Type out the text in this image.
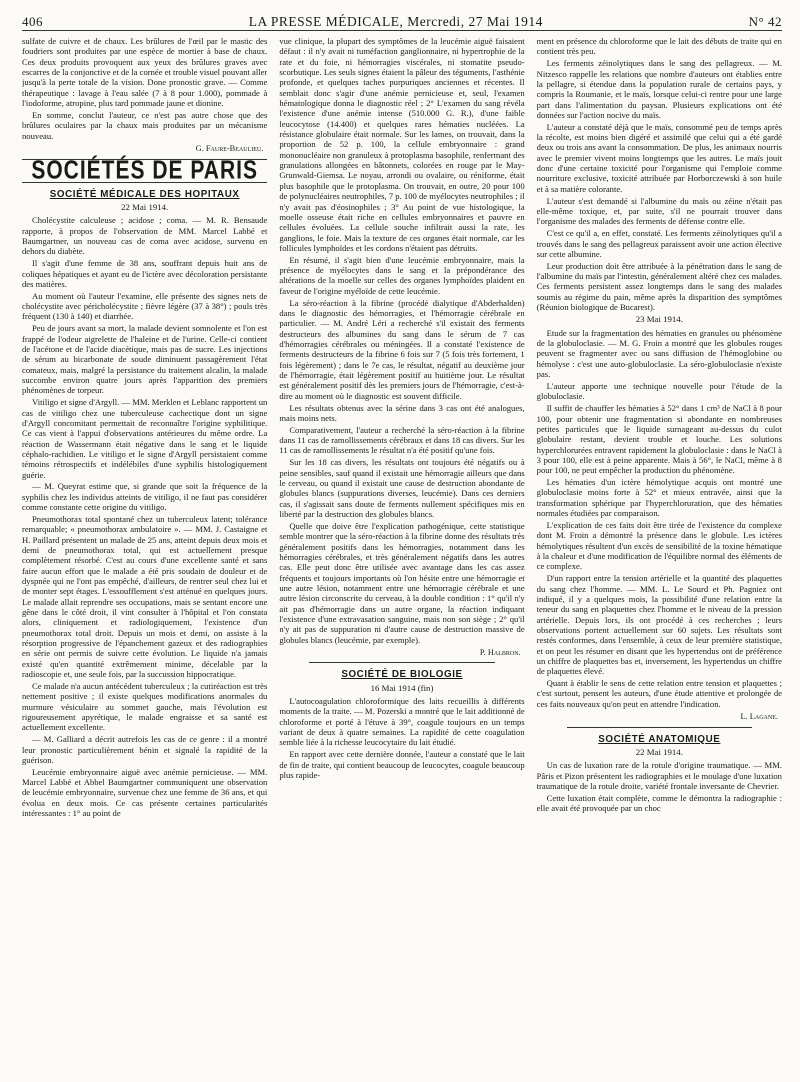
406	LA PRESSE MÉDICALE, Mercredi, 27 Mai 1914	N° 42

sulfate de cuivre et de chaux. Les brûlures de l'œil par le mastic des foudriers sont produites par une espèce de mortier à base de chaux. Ces deux produits provoquent aux yeux des brûlures graves avec escarres de la conjonctive et de la cornée et trouble visuel pouvant aller jusqu'à la perte totale de la vision. Done pronostic grave. — Comme thérapeutique : lavage à l'eau salée (7 à 8 pour 1.000), pommade à l'iodoforme, atropine, plus tard pommade jaune et dionine.

En somme, conclut l'auteur, ce n'est pas autre chose que des brûlures oculaires par la chaux mais produites par un mécanisme nouveau.

G. Faure-Beaulieu.
SOCIÉTÉS DE PARIS
SOCIÉTÉ MÉDICALE DES HOPITAUX
22 Mai 1914.

Cholécystite calculeuse ; acidose ; coma. — M. R. Bensaude rapporte, à propos de l'observation de MM. Marcel Labbé et Baumgartner, un nouveau cas de coma avec acidose, survenu en dehors du diabète.

Il s'agit d'une femme de 38 ans, souffrant depuis huit ans de coliques hépatiques et ayant eu de l'ictère avec décoloration persistante des matières.

Au moment où l'auteur l'examine, elle présente des signes nets de cholécystite avec péricholécystite ; fièvre légère (37 à 38°) ; pouls très fréquent (130 à 140) et diarrhée.

Peu de jours avant sa mort, la malade devient somnolente et l'on est frappé de l'odeur aigrelette de l'haleine et de l'urine. Celle-ci contient de l'acétone et de l'acide diacétique, mais pas de sucre. Les injections de sérum au bicarbonate de soude diminuent passagèrement l'état comateux, mais, malgré la persistance du traitement alcalin, la malade succombe environ quatre jours après l'apparition des premiers phénomènes de torpeur.

Vitiligo et signe d'Argyll. — MM. Merklen et Leblanc rapportent un cas de vitiligo chez une tuberculeuse cachectique dont un signe d'Argyll concomitant permettait de reconnaître l'origine syphilitique. Ce cas vient à l'appui d'observations antérieures du même ordre. La réaction de Wassermann était négative dans le sang et le liquide céphalo-rachidien. Le vitiligo et le signe d'Argyll persistaient comme témoins rétrospectifs et indélébiles d'une syphilis histologiquement guérie.

— M. Queyrat estime que, si grande que soit la fréquence de la syphilis chez les individus atteints de vitiligo, il ne faut pas considérer comme constante cette origine du vitiligo.

Pneumothorax total spontané chez un tuberculeux latent; tolérance remarquable; « pneumothorax ambulatoire ». — MM. J. Castaigne et H. Paillard présentent un malade de 25 ans, atteint depuis deux mois et demi de pneumothorax total, qui est actuellement presque complètement résorbé. C'est au cours d'une excellente santé et sans faire aucun effort que le malade a été pris soudain de douleur et de dyspnée qui ne l'ont pas empêché, d'ailleurs, de rentrer seul chez lui et de monter sept étages. L'essoufflement s'est atténué en quelques jours. Le malade allait reprendre ses occupations, mais se sentant encore une gêne dans le côté droit, il vint consulter à l'hôpital et l'on constata alors, cliniquement et radiologiquement, l'existence d'un pneumothorax total droit. Depuis un mois et demi, on assiste à la résorption progressive de l'épanchement gazeux et des radiographies en série ont permis de suivre cette évolution. Le liquide n'a jamais existé qu'en quantité extrêmement minime, décelable par la radioscopie et, une seule fois, par la succussion hippocratique.

Ce malade n'a aucun antécédent tuberculeux ; la cutiréaction est très nettement positive ; il existe quelques modifications anormales du murmure vésiculaire au sommet gauche, mais l'évolution est rigoureusement apyrétique, le malade engraisse et sa santé est actuellement excellente.

— M. Galliard a décrit autrefois les cas de ce genre : il a montré leur pronostic particulièrement bénin et signalé la rapidité de la guérison.

Leucémie embryonnaire aiguë avec anémie pernicieuse. — MM. Marcel Labbé et Abbel Baumgartner communiquent une observation de leucémie embryonnaire, survenue chez une femme de 36 ans, et qui évolua en deux mois. Ce cas présente certaines particularités intéressantes : 1° au point de

vue clinique, la plupart des symptômes de la leucémie aiguë faisaient défaut : il n'y avait ni tuméfaction ganglionnaire, ni hypertrophie de la rate et du foie, ni hémorragies viscérales, ni stomatite pseudo-scorbutique. Les seuls signes étaient la pâleur des téguments, l'asthénie profonde, et quelques taches purpuriques anciennes et récentes. Il semblait donc s'agir d'une anémie pernicieuse et, seul, l'examen hématologique donna le diagnostic réel ; 2° L'examen du sang révéla l'existence d'une anémie intense (510.000 G. R.), d'une faible leucocytose (14.400) et quelques rares hématies nucléées. La résistance globulaire était normale. Sur les lames, on trouvait, dans la proportion de 52 p. 100, la cellule embryonnaire : grand mononucléaire non granuleux à protoplasma basophile, renfermant des granulations allongées en bâtonnets, colorées en rouge par le May-Grunwald-Giemsa. Le noyau, arrondi ou ovalaire, ou réniforme, était plus basophile que le protoplasma. On trouvait, en outre, 20 pour 100 de polynucléaires neutrophiles, 7 p. 100 de myélocytes neutrophiles ; il n'y avait pas d'éosinophiles ; 3° Au point de vue histologique, la moelle osseuse était riche en cellules embryonnaires et pauvre en cellules évoluées. La cellule souche infiltrait aussi la rate, les ganglions, le foie. Mais la texture de ces organes était normale, car les follicules lymphoïdes et les cordons n'étaient pas détruits.

En résumé, il s'agit bien d'une leucémie embryonnaire, mais la présence de myélocytes dans le sang et la prépondérance des altérations de la moelle sur celles des organes lymphoïdes plaident en faveur de l'origine myéloïde de cette leucémie.

La séro-réaction à la fibrine (procédé dialytique d'Abderhalden) dans le diagnostic des hémorragies, et l'hémorragie cérébrale en particulier. — M. André Léri a recherché s'il existait des ferments destructeurs des albumines du sang dans le sérum de 7 cas d'hémorragies cérébrales ou méningées. Il a constaté l'existence de ferments destructeurs de la fibrine 6 fois sur 7 (5 fois très fortement, 1 fois légèrement) ; dans le 7e cas, le résultat, négatif au deuxième jour de l'hémorragie, était légèrement positif au huitième jour. Le résultat est généralement positif dès les premiers jours de l'hémorragie, c'est-à-dire au moment où le diagnostic est souvent difficile.

Les résultats obtenus avec la sérine dans 3 cas ont été analogues, mais moins nets.

Comparativement, l'auteur a recherché la séro-réaction à la fibrine dans 11 cas de ramollissements cérébraux et dans 18 cas divers. Sur les 11 cas de ramollissements le résultat n'a été positif qu'une fois.

Sur les 18 cas divers, les résultats ont toujours été négatifs ou à peine sensibles, sauf quand il existait une hémorragie ailleurs que dans le cerveau, ou quand il existait une cause de destruction abondante de globules blancs (suppurations diverses, leucémie). Dans ces derniers cas, il s'agissait sans doute de ferments nullement spécifiques mis en liberté par la destruction des globules blancs.

Quelle que doive être l'explication pathogénique, cette statistique semble montrer que la séro-réaction à la fibrine donne des résultats très généralement positifs dans les hémorragies, notamment dans les hémorragies cérébrales, et très généralement négatifs dans les autres cas. Elle peut donc être utilisée avec avantage dans les cas assez fréquents et toujours importants où l'on hésite entre une hémorragie et une autre lésion, notamment entre une hémorragie cérébrale et une autre lésion circonscrite du cerveau, à la double condition : 1° qu'il n'y ait pas d'hémorragie dans un autre organe, la réaction indiquant l'existence d'une extravasation sanguine, mais non son siège ; 2° qu'il n'y ait pas de suppuration ni d'autre cause de destruction massive de globules blancs (leucémie, par exemple).

P. Halbron.
SOCIÉTÉ DE BIOLOGIE
16 Mai 1914 (fin)

L'autocoagulation chloroformique des laits recueillis à différents moments de la traite. — M. Pozerski a montré que le lait additionné de chloroforme et porté à l'étuve à 39°, coagule toujours en un temps variant de deux à quatre semaines. La rapidité de cette coagulation semble liée à la richesse leucocytaire du lait étudié.

En rapport avec cette dernière donnée, l'auteur a constaté que le lait de fin de traite, qui contient beaucoup de leucocytes, coagule beaucoup plus rapide-

ment en présence du chloroforme que le lait des débuts de traite qui en contient très peu.

Les ferments zéinolytiques dans le sang des pellagreux. — M. Nitzesco rappelle les relations que nombre d'auteurs ont établies entre la pellagre, si étendue dans la population rurale de certains pays, y compris la Roumanie, et le maïs, lorsque celui-ci rentre pour une large part dans l'alimentation du paysan. Plusieurs explications ont été données sur l'action nocive du maïs.

L'auteur a constaté déjà que le maïs, consommé peu de temps après la récolte, est moins bien digéré et assimilé que celui qui a été gardé deux ou trois ans avant la consommation. De plus, les animaux nourris avec le premier vivent moins longtemps que les autres. Le maïs jouit donc d'une certaine toxicité pour l'organisme qui l'emploie comme nourriture exclusive, toxicité attribuée par Horborczewski à son huile et à sa matière colorante.

L'auteur s'est demandé si l'albumine du maïs ou zéine n'était pas elle-même toxique, et, par suite, s'il ne pourrait trouver dans l'organisme des malades des ferments de défense contre elle.

C'est ce qu'il a, en effet, constaté. Les ferments zéinolytiques qu'il a trouvés dans le sang des pellagreux paraissent avoir une action élective sur cette albumine.

Leur production doit être attribuée à la pénétration dans le sang de l'albumine du maïs par l'intestin, généralement altéré chez ces malades. Ces ferments persistent assez longtemps dans le sang des malades soumis au régime du pain, même après la disparition des symptômes (Réunion biologique de Bucarest).

23 Mai 1914.

Etude sur la fragmentation des hématies en granules ou phénomène de la globuloclasie. — M. G. Froin a montré que les globules rouges peuvent se fragmenter avec ou sans diffusion de l'hémoglobine ou hémolyse : c'est une auto-globuloclasie. La séro-globuloclasie n'existe pas.

L'auteur apporte une technique nouvelle pour l'étude de la globuloclasie.

Il suffit de chauffer les hématies à 52° dans 1 cm³ de NaCl à 8 pour 100, pour obtenir une fragmentation si abondante en nombreuses petites particules que le liquide surnageant au-dessus du culot globulaire restant, devient trouble et louche. Les solutions hyperchlorurées entravent rapidement la globuloclasie : dans le NaCl à 3 pour 100, elle est à peine apparente. Mais à 56°, le NaCl, même à 8 pour 100, ne peut empêcher la production du phénomène.

Les hématies d'un ictère hémolytique acquis ont montré une globuloclasie moins forte à 52° et mieux entravée, ainsi que la transformation sphérique par l'hyperchloruration, que des hématies normales étudiées par comparaison.

L'explication de ces faits doit être tirée de l'existence du complexe dont M. Froin a démontré la présence dans le globule. Les ictères hémolytiques résultent d'un excès de sensibilité de la toxine hématique à la chaleur et d'une modification de l'équilibre normal des éléments de ce complexe.

D'un rapport entre la tension artérielle et la quantité des plaquettes du sang chez l'homme. — MM. L. Le Sourd et Ph. Pagniez ont indiqué, il y a quelques mois, la possibilité d'une relation entre la teneur du sang en plaquettes chez l'homme et le niveau de la pression artérielle. Depuis lors, ils ont procédé à ces recherches ; leurs observations portent actuellement sur 60 sujets. Les résultats sont restés conformes, dans l'ensemble, à ceux de leur première statistique, et on peut les résumer en disant que les hypertendus ont de préférence un chiffre de plaquettes bas et, inversement, les hypertendus un chiffre de plaquettes élevé.

Quant à établir le sens de cette relation entre tension et plaquettes ; c'est surtout, pensent les auteurs, d'une étude attentive et prolongée de ces faits nouveaux qu'on peut en attendre l'indication.

L. Lagane.
SOCIÉTÉ ANATOMIQUE
22 Mai 1914.

Un cas de luxation rare de la rotule d'origine traumatique. — MM. Pâris et Pizon présentent les radiographies et le moulage d'une luxation traumatique de la rotule droite, variété frontale inversante de Chevrier.

Cette luxation était complète, comme le démontra la radiographie : elle avait été provoquée par un choc
